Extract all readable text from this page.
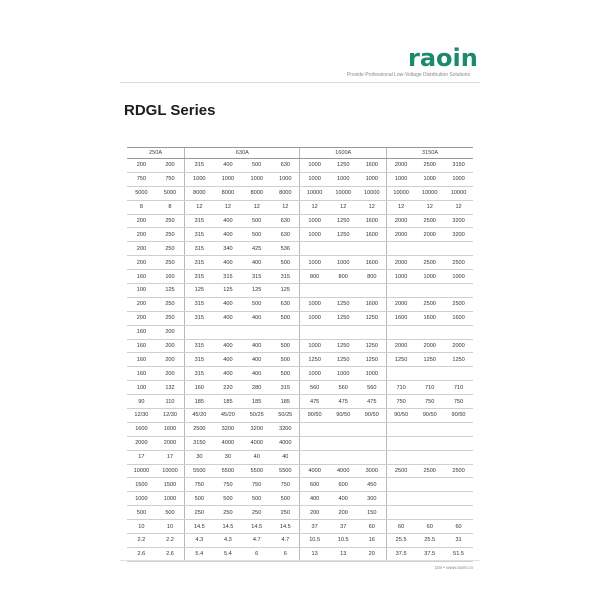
raoin
Provide Professional Low-Voltage Distribution Solutions
RDGL Series
250A		630A				1600A			3150A		
200	200	315	400	500	630	1000	1250	1600	2000	2500	3150
750	750	1000	1000	1000	1000	1000	1000	1000	1000	1000	1000
5000	5000	8000	8000	8000	8000	10000	10000	10000	10000	10000	10000
8	8	12	12	12	12	12	12	12	12	12	12
200	250	315	400	500	630	1000	1250	1600	2000	2500	3200
200	250	315	400	500	630	1000	1250	1600	2000	2000	3200
200	250	315	340	425	536						
200	250	315	400	400	500	1000	1000	1600	2000	2500	2500
160	160	315	315	315	315	800	800	800	1000	1000	1000
100	125	125	125	125	125						
200	250	315	400	500	630	1000	1250	1600	2000	2500	2500
200	250	315	400	400	500	1000	1250	1250	1600	1600	1600
160	200										
160	200	315	400	400	500	1000	1250	1250	2000	2000	2000
160	200	315	400	400	500	1250	1250	1250	1250	1250	1250
160	200	315	400	400	500	1000	1000	1000			
100	132	160	220	280	315	560	560	560	710	710	710
90	110	185	185	185	185	475	475	475	750	750	750
12/30	12/30	45/20	45/20	50/25	50/25	90/50	90/50	90/50	90/50	90/50	90/50
1600	1600	2500	3200	3200	3200						
2000	2000	3150	4000	4000	4000						
17	17	30	30	40	40						
10000	10000	5500	5500	5500	5500	4000	4000	3000	2500	2500	2500
1500	1500	750	750	750	750	600	600	450			
1000	1000	500	500	500	500	400	400	300			
500	500	250	250	250	250	200	200	150			
10	10	14.5	14.5	14.5	14.5	37	37	60	60	60	60
2.2	2.2	4.3	4.3	4.7	4.7	10.5	10.5	16	25.5	25.5	31
2.6	2.6	5.4	5.4	6	6	13	13	20	37.5	37.5	51.5
104 • www.raoin.cn
